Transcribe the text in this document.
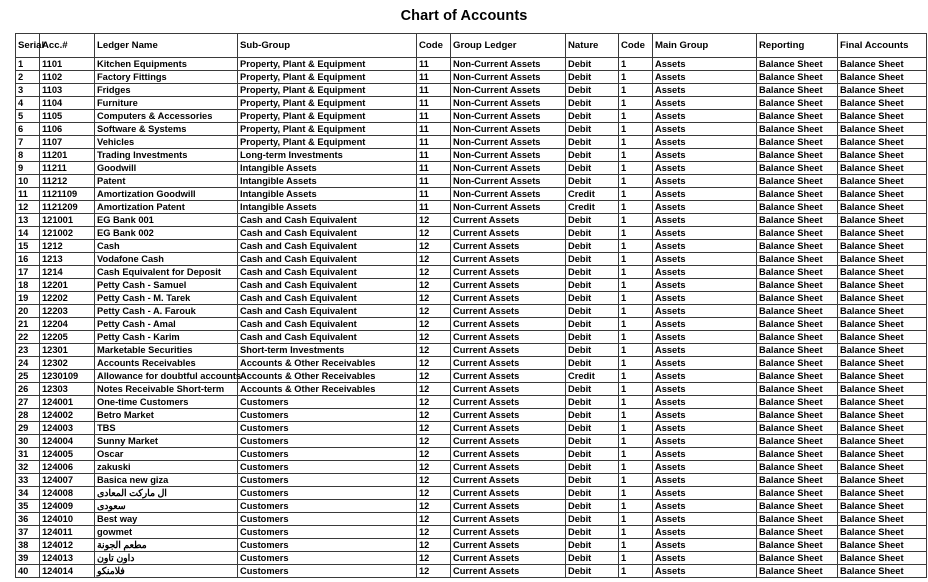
Chart of Accounts
Serial	Acc.#	Ledger Name	Sub-Group	Code	Group Ledger	Nature	Code	Main Group	Reporting	Final Accounts
1	1101	Kitchen Equipments	Property, Plant & Equipment	11	Non-Current Assets	Debit	1	Assets	Balance Sheet	Balance Sheet
2	1102	Factory Fittings	Property, Plant & Equipment	11	Non-Current Assets	Debit	1	Assets	Balance Sheet	Balance Sheet
3	1103	Fridges	Property, Plant & Equipment	11	Non-Current Assets	Debit	1	Assets	Balance Sheet	Balance Sheet
4	1104	Furniture	Property, Plant & Equipment	11	Non-Current Assets	Debit	1	Assets	Balance Sheet	Balance Sheet
5	1105	Computers & Accessories	Property, Plant & Equipment	11	Non-Current Assets	Debit	1	Assets	Balance Sheet	Balance Sheet
6	1106	Software & Systems	Property, Plant & Equipment	11	Non-Current Assets	Debit	1	Assets	Balance Sheet	Balance Sheet
7	1107	Vehicles	Property, Plant & Equipment	11	Non-Current Assets	Debit	1	Assets	Balance Sheet	Balance Sheet
8	11201	Trading Investments	Long-term Investments	11	Non-Current Assets	Debit	1	Assets	Balance Sheet	Balance Sheet
9	11211	Goodwill	Intangible Assets	11	Non-Current Assets	Debit	1	Assets	Balance Sheet	Balance Sheet
10	11212	Patent	Intangible Assets	11	Non-Current Assets	Debit	1	Assets	Balance Sheet	Balance Sheet
11	1121109	Amortization Goodwill	Intangible Assets	11	Non-Current Assets	Credit	1	Assets	Balance Sheet	Balance Sheet
12	1121209	Amortization Patent	Intangible Assets	11	Non-Current Assets	Credit	1	Assets	Balance Sheet	Balance Sheet
13	121001	EG Bank 001	Cash and Cash Equivalent	12	Current Assets	Debit	1	Assets	Balance Sheet	Balance Sheet
14	121002	EG Bank 002	Cash and Cash Equivalent	12	Current Assets	Debit	1	Assets	Balance Sheet	Balance Sheet
15	1212	Cash	Cash and Cash Equivalent	12	Current Assets	Debit	1	Assets	Balance Sheet	Balance Sheet
16	1213	Vodafone Cash	Cash and Cash Equivalent	12	Current Assets	Debit	1	Assets	Balance Sheet	Balance Sheet
17	1214	Cash Equivalent for Deposit	Cash and Cash Equivalent	12	Current Assets	Debit	1	Assets	Balance Sheet	Balance Sheet
18	12201	Petty Cash - Samuel	Cash and Cash Equivalent	12	Current Assets	Debit	1	Assets	Balance Sheet	Balance Sheet
19	12202	Petty Cash - M. Tarek	Cash and Cash Equivalent	12	Current Assets	Debit	1	Assets	Balance Sheet	Balance Sheet
20	12203	Petty Cash - A. Farouk	Cash and Cash Equivalent	12	Current Assets	Debit	1	Assets	Balance Sheet	Balance Sheet
21	12204	Petty Cash - Amal	Cash and Cash Equivalent	12	Current Assets	Debit	1	Assets	Balance Sheet	Balance Sheet
22	12205	Petty Cash - Karim	Cash and Cash Equivalent	12	Current Assets	Debit	1	Assets	Balance Sheet	Balance Sheet
23	12301	Marketable Securities	Short-term Investments	12	Current Assets	Debit	1	Assets	Balance Sheet	Balance Sheet
24	12302	Accounts Receivables	Accounts & Other Receivables	12	Current Assets	Debit	1	Assets	Balance Sheet	Balance Sheet
25	1230109	Allowance for doubtful accounts	Accounts & Other Receivables	12	Current Assets	Credit	1	Assets	Balance Sheet	Balance Sheet
26	12303	Notes Receivable Short-term	Accounts & Other Receivables	12	Current Assets	Debit	1	Assets	Balance Sheet	Balance Sheet
27	124001	One-time Customers	Customers	12	Current Assets	Debit	1	Assets	Balance Sheet	Balance Sheet
28	124002	Betro Market	Customers	12	Current Assets	Debit	1	Assets	Balance Sheet	Balance Sheet
29	124003	TBS	Customers	12	Current Assets	Debit	1	Assets	Balance Sheet	Balance Sheet
30	124004	Sunny Market	Customers	12	Current Assets	Debit	1	Assets	Balance Sheet	Balance Sheet
31	124005	Oscar	Customers	12	Current Assets	Debit	1	Assets	Balance Sheet	Balance Sheet
32	124006	zakuski	Customers	12	Current Assets	Debit	1	Assets	Balance Sheet	Balance Sheet
33	124007	Basica new giza	Customers	12	Current Assets	Debit	1	Assets	Balance Sheet	Balance Sheet
34	124008	ال ماركت المعادى	Customers	12	Current Assets	Debit	1	Assets	Balance Sheet	Balance Sheet
35	124009	سعودى	Customers	12	Current Assets	Debit	1	Assets	Balance Sheet	Balance Sheet
36	124010	Best way	Customers	12	Current Assets	Debit	1	Assets	Balance Sheet	Balance Sheet
37	124011	gowmet	Customers	12	Current Assets	Debit	1	Assets	Balance Sheet	Balance Sheet
38	124012	مطعم الجونة	Customers	12	Current Assets	Debit	1	Assets	Balance Sheet	Balance Sheet
39	124013	داون تاون	Customers	12	Current Assets	Debit	1	Assets	Balance Sheet	Balance Sheet
40	124014	فلامنكو	Customers	12	Current Assets	Debit	1	Assets	Balance Sheet	Balance Sheet
